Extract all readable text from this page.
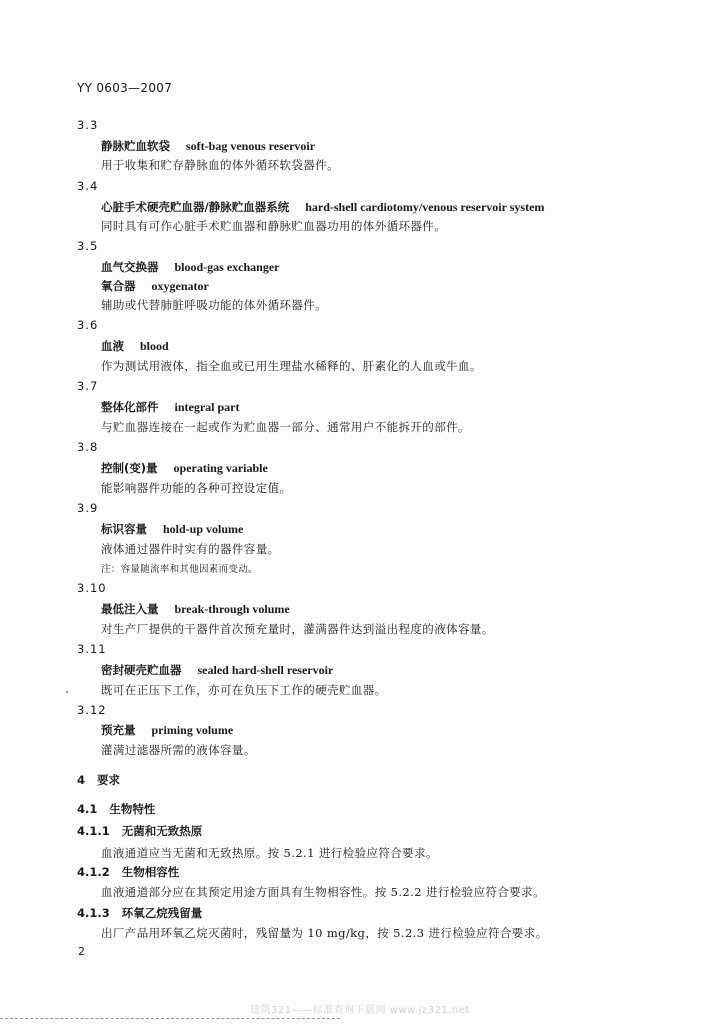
YY 0603—2007
3.3
静脉贮血软袋 soft-bag venous reservoir
用于收集和贮存静脉血的体外循环软袋器件。
3.4
心脏手术硬壳贮血器/静脉贮血器系统 hard-shell cardiotomy/venous reservoir system
同时具有可作心脏手术贮血器和静脉贮血器功用的体外循环器件。
3.5
血气交换器 blood-gas exchanger
氧合器 oxygenator
辅助或代替肺脏呼吸功能的体外循环器件。
3.6
血液 blood
作为测试用液体，指全血或已用生理盐水稀释的、肝素化的人血或牛血。
3.7
整体化部件 integral part
与贮血器连接在一起或作为贮血器一部分、通常用户不能拆开的部件。
3.8
控制(变)量 operating variable
能影响器件功能的各种可控设定值。
3.9
标识容量 hold-up volume
液体通过器件时实有的器件容量。
注：容量随流率和其他因素而变动。
3.10
最低注入量 break-through volume
对生产厂提供的干器件首次预充量时，灌满器件达到溢出程度的液体容量。
3.11
密封硬壳贮血器 sealed hard-shell reservoir
既可在正压下工作，亦可在负压下工作的硬壳贮血器。
3.12
预充量 priming volume
灌满过滤器所需的液体容量。
4 要求
4.1 生物特性
4.1.1 无菌和无致热原
血液通道应当无菌和无致热原。按 5.2.1 进行检验应符合要求。
4.1.2 生物相容性
血液通道部分应在其预定用途方面具有生物相容性。按 5.2.2 进行检验应符合要求。
4.1.3 环氧乙烷残留量
出厂产品用环氧乙烷灭菌时，残留量为 10 mg/kg，按 5.2.3 进行检验应符合要求。
2
建筑321——标准查询下载网 www.jz321.net
